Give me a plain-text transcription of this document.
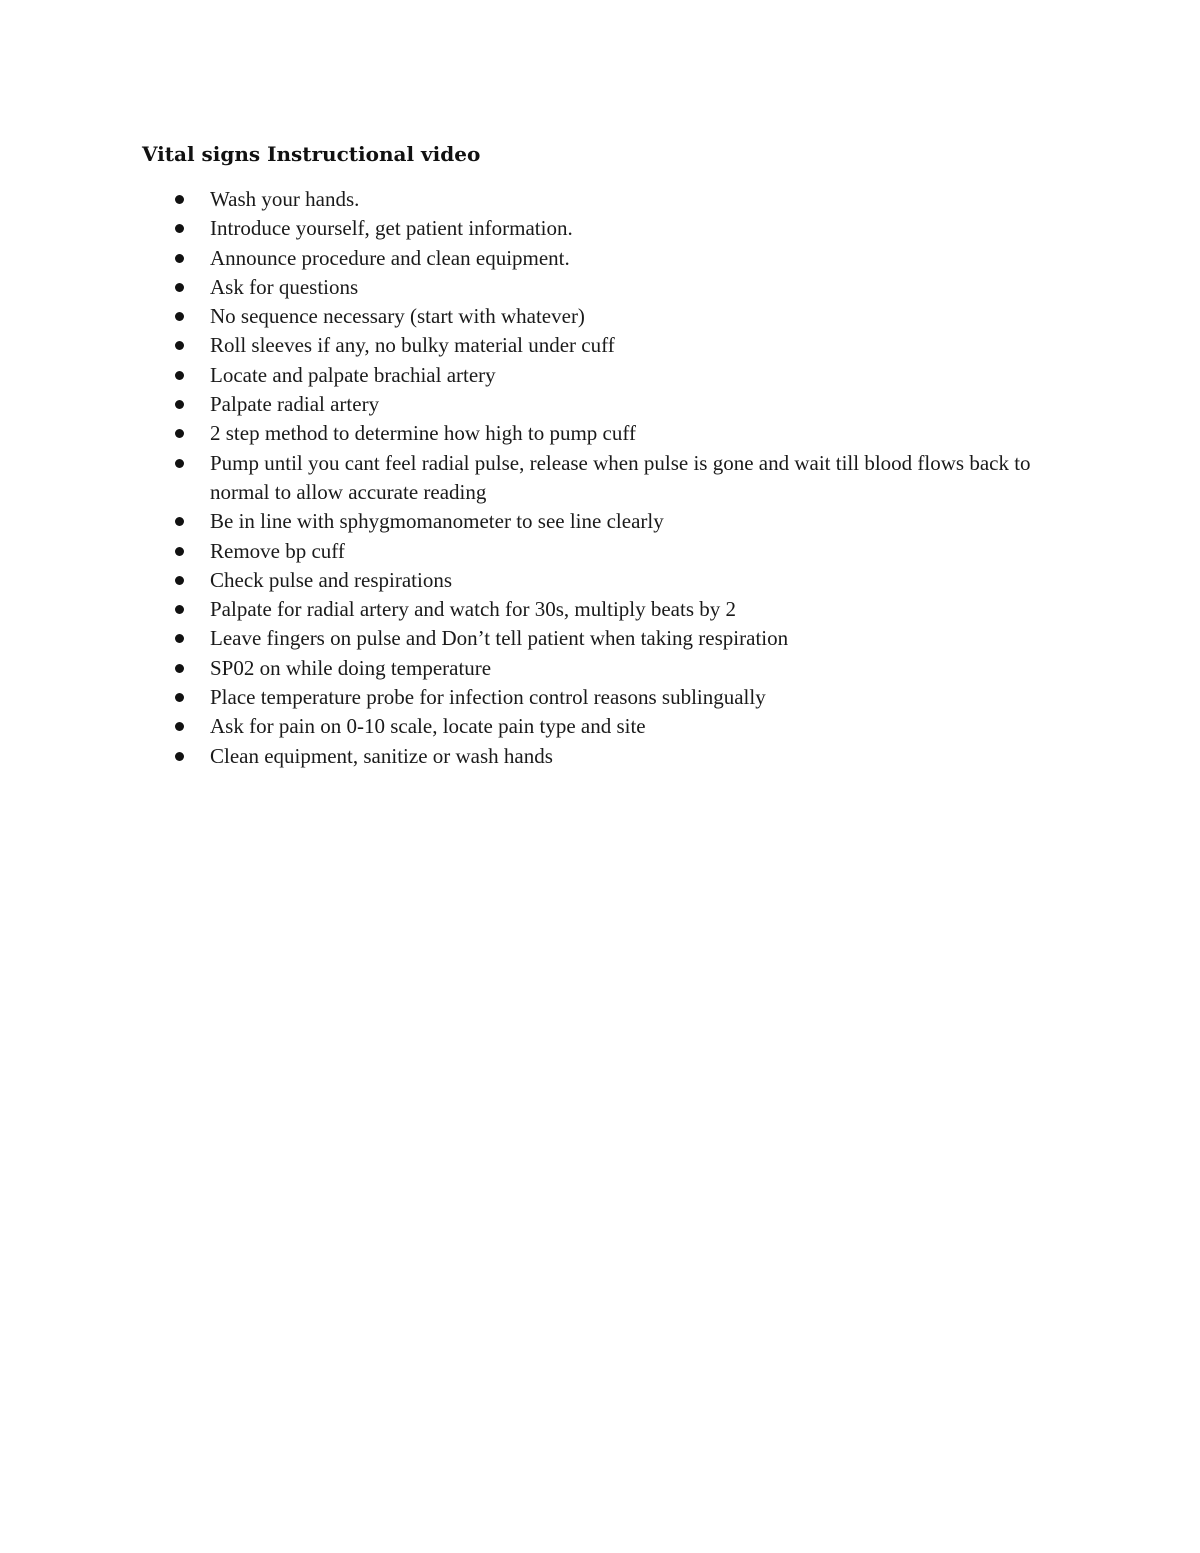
Vital signs Instructional video
Wash your hands.
Introduce yourself, get patient information.
Announce procedure and clean equipment.
Ask for questions
No sequence necessary (start with whatever)
Roll sleeves if any, no bulky material under cuff
Locate and palpate brachial artery
Palpate radial artery
2 step method to determine how high to pump cuff
Pump until you cant feel radial pulse, release when pulse is gone and wait till blood flows back to normal to allow accurate reading
Be in line with sphygmomanometer to see line clearly
Remove bp cuff
Check pulse and respirations
Palpate for radial artery and watch for 30s, multiply beats by 2
Leave fingers on pulse and Don’t tell patient when taking respiration
SP02 on while doing temperature
Place temperature probe for infection control reasons sublingually
Ask for pain on 0-10 scale, locate pain type and site
Clean equipment, sanitize or wash hands
